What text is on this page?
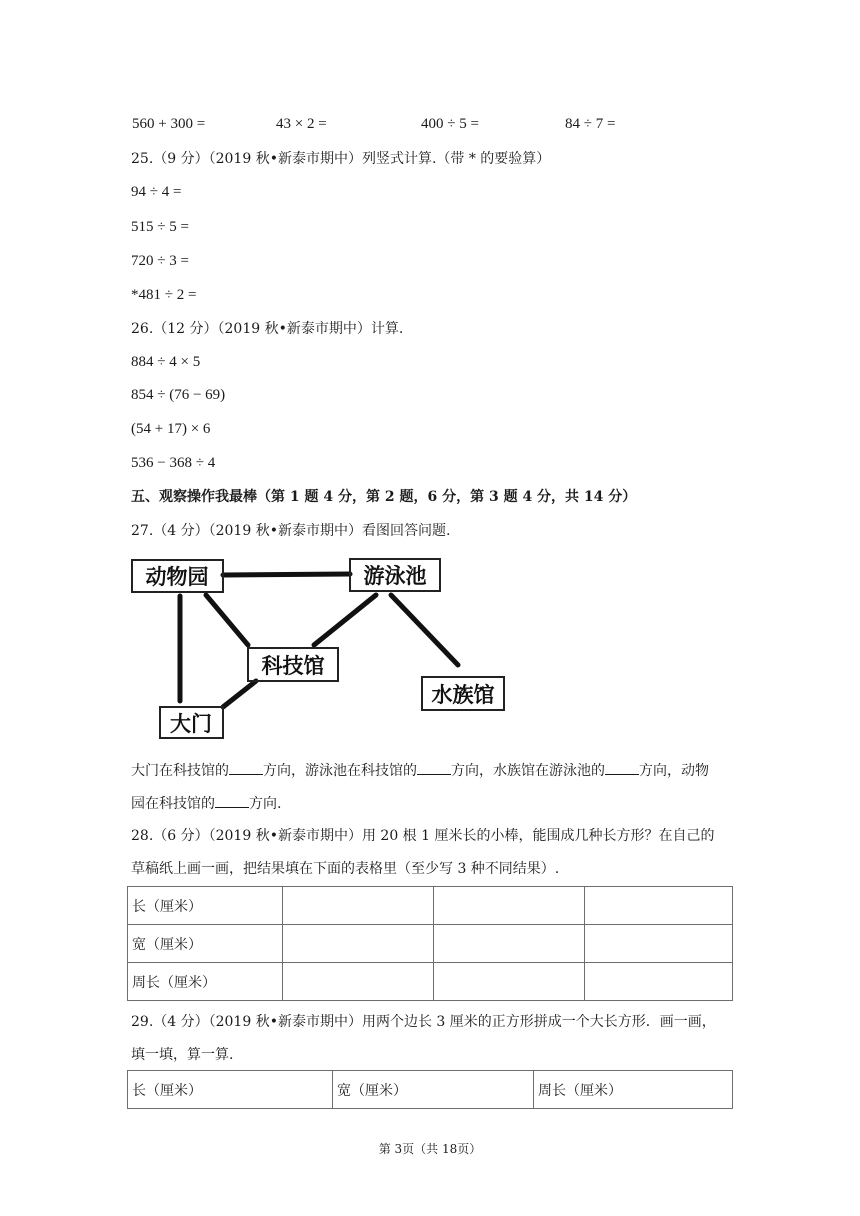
560 + 300 =	43 × 2 =	400 ÷ 5 =	84 ÷ 7 =
25.（9 分）（2019 秋•新泰市期中）列竖式计算.（带 * 的要验算）
94 ÷ 4 =
515 ÷ 5 =
720 ÷ 3 =
*481 ÷ 2 =
26.（12 分）（2019 秋•新泰市期中）计算.
884 ÷ 4 × 5
854 ÷ (76 − 69)
(54 + 17) × 6
536 − 368 ÷ 4
五、观察操作我最棒（第 1 题 4 分，第 2 题，6 分，第 3 题 4 分，共 14 分）
27.（4 分）（2019 秋•新泰市期中）看图回答问题.
动物园	游泳池
科技馆
水族馆
大门
大门在科技馆的 方向，游泳池在科技馆的 方向，水族馆在游泳池的 方向，动物
园在科技馆的 方向.
28.（6 分）（2019 秋•新泰市期中）用 20 根 1 厘米长的小棒，能围成几种长方形？在自己的
草稿纸上画一画，把结果填在下面的表格里（至少写 3 种不同结果）.
长（厘米）			
宽（厘米）			
周长（厘米）			
29.（4 分）（2019 秋•新泰市期中）用两个边长 3 厘米的正方形拼成一个大长方形．画一画，
填一填，算一算.
长（厘米）	宽（厘米）	周长（厘米）
第 3页（共 18页）
